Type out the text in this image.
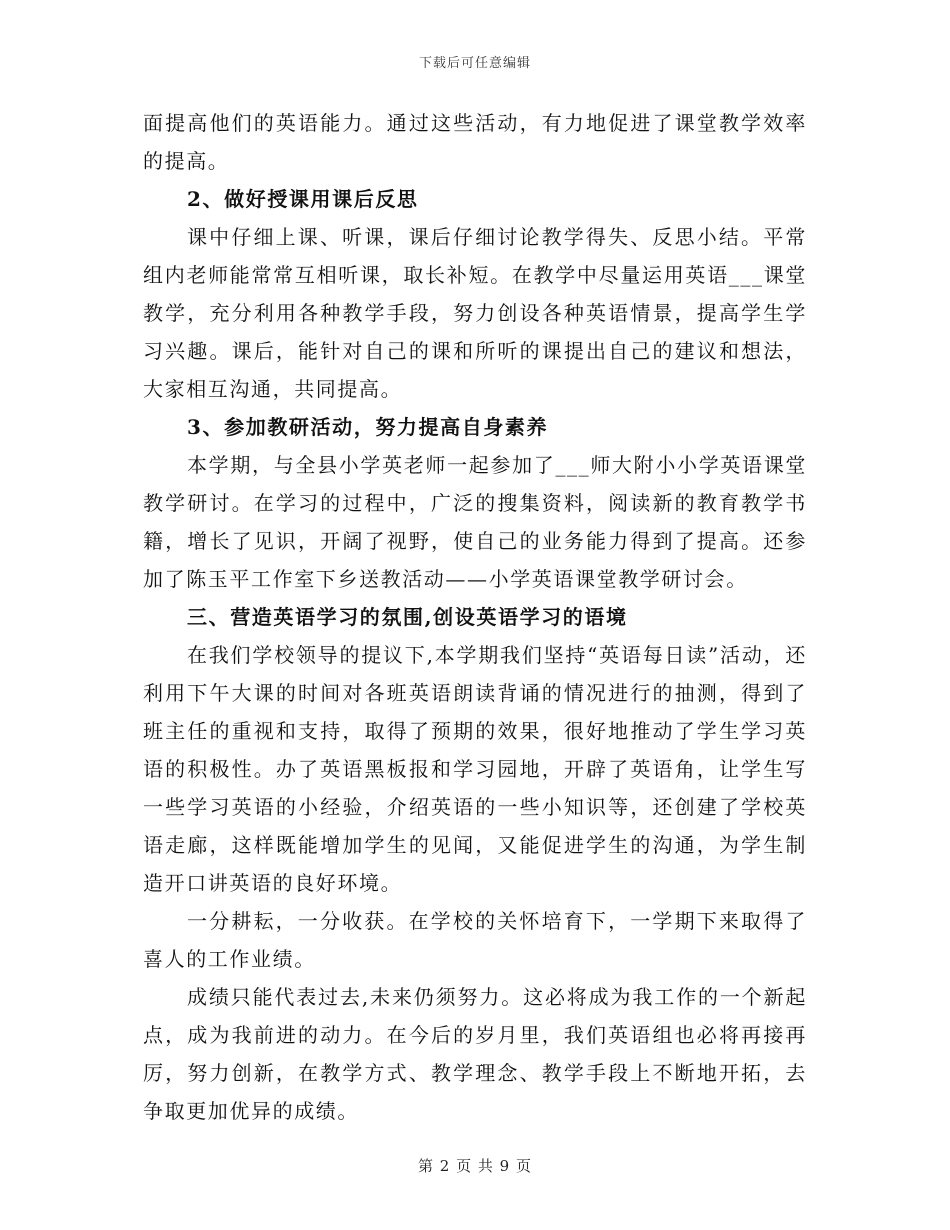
下载后可任意编辑

面提高他们的英语能力。通过这些活动，有力地促进了课堂教学效率的提高。

2、做好授课用课后反思

课中仔细上课、听课，课后仔细讨论教学得失、反思小结。平常组内老师能常常互相听课，取长补短。在教学中尽量运用英语___课堂教学，充分利用各种教学手段，努力创设各种英语情景，提高学生学习兴趣。课后，能针对自己的课和所听的课提出自己的建议和想法，大家相互沟通，共同提高。

3、参加教研活动，努力提高自身素养

本学期，与全县小学英老师一起参加了___师大附小小学英语课堂教学研讨。在学习的过程中，广泛的搜集资料，阅读新的教育教学书籍，增长了见识，开阔了视野，使自己的业务能力得到了提高。还参加了陈玉平工作室下乡送教活动——小学英语课堂教学研讨会。

三、营造英语学习的氛围,创设英语学习的语境

在我们学校领导的提议下,本学期我们坚持“英语每日读”活动，还利用下午大课的时间对各班英语朗读背诵的情况进行的抽测，得到了班主任的重视和支持，取得了预期的效果，很好地推动了学生学习英语的积极性。办了英语黑板报和学习园地，开辟了英语角，让学生写一些学习英语的小经验，介绍英语的一些小知识等，还创建了学校英语走廊，这样既能增加学生的见闻，又能促进学生的沟通，为学生制造开口讲英语的良好环境。

一分耕耘，一分收获。在学校的关怀培育下，一学期下来取得了喜人的工作业绩。

成绩只能代表过去,未来仍须努力。这必将成为我工作的一个新起点，成为我前进的动力。在今后的岁月里，我们英语组也必将再接再厉，努力创新，在教学方式、教学理念、教学手段上不断地开拓，去争取更加优异的成绩。

第 2 页 共 9 页
